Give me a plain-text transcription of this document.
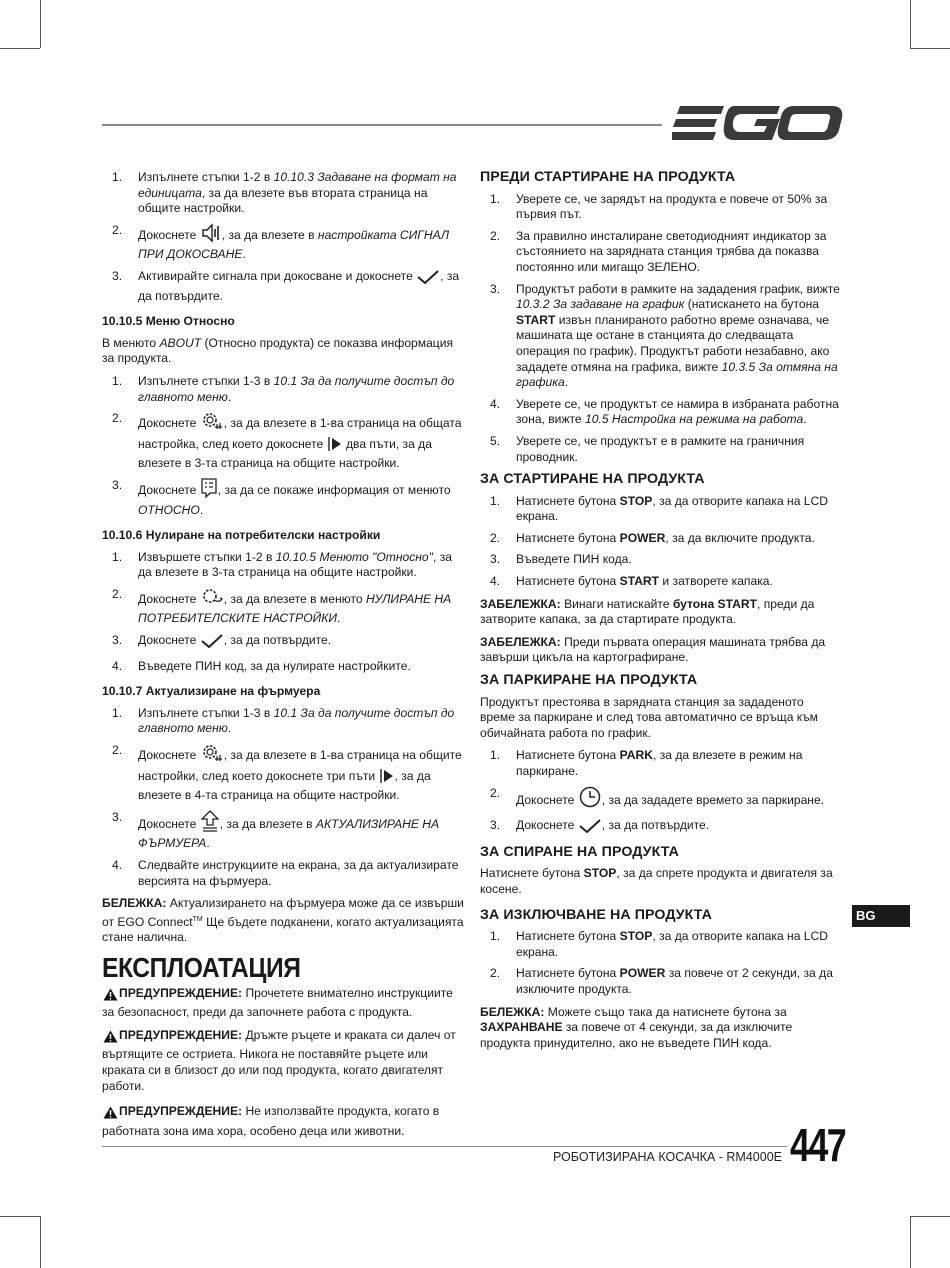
1. Изпълнете стъпки 1-2 в 10.10.3 Задаване на формат на единицата, за да влезете във втората страница на общите настройки.
2. Докоснете , за да влезете в настройката СИГНАЛ ПРИ ДОКОСВАНЕ.
3. Активирайте сигнала при докосване и докоснете , за да потвърдите.
10.10.5 Меню Относно

В менюто ABOUT (Относно продукта) се показва информация за продукта.

1. Изпълнете стъпки 1-3 в 10.1 За да получите достъп до главното меню.
2. Докоснете , за да влезете в 1-ва страница на общата настройка, след което докоснете  два пъти, за да влезете в 3-та страница на общите настройки.
3. Докоснете , за да се покаже информация от менюто ОТНОСНО.
10.10.6 Нулиране на потребителски настройки
1. Извършете стъпки 1-2 в 10.10.5 Менюто "Относно", за да влезете в 3-та страница на общите настройки.
2. Докоснете , за да влезете в менюто НУЛИРАНЕ НА ПОТРЕБИТЕЛСКИТЕ НАСТРОЙКИ.
3. Докоснете , за да потвърдите.
4. Въведете ПИН код, за да нулирате настройките.
10.10.7 Актуализиране на фърмуера
1. Изпълнете стъпки 1-3 в 10.1 За да получите достъп до главното меню.
2. Докоснете , за да влезете в 1-ва страница на общите настройки, след което докоснете три пъти , за да влезете в 4-та страница на общите настройки.
3. Докоснете , за да влезете в АКТУАЛИЗИРАНЕ НА ФЪРМУЕРА.
4. Следвайте инструкциите на екрана, за да актуализирате версията на фърмуера.

БЕЛЕЖКА: Актуализирането на фърмуера може да се извърши от EGO Connect™ Ще бъдете подканени, когато актуализацията стане налична.

ЕКСПЛОАТАЦИЯ

ПРЕДУПРЕЖДЕНИЕ: Прочетете внимателно инструкциите за безопасност, преди да започнете работа с продукта.

ПРЕДУПРЕЖДЕНИЕ: Дръжте ръцете и краката си далеч от въртящите се остриета. Никога не поставяйте ръцете или краката си в близост до или под продукта, когато двигателят работи.

ПРЕДУПРЕЖДЕНИЕ: Не използвайте продукта, когато в работната зона има хора, особено деца или животни.

ПРЕДИ СТАРТИРАНЕ НА ПРОДУКТА
1. Уверете се, че зарядът на продукта е повече от 50% за първия път.
2. За правилно инсталиране светодиодният индикатор за състоянието на зарядната станция трябва да показва постоянно или мигащо ЗЕЛЕНО.
3. Продуктът работи в рамките на зададения график, вижте 10.3.2 За задаване на график (натискането на бутона START извън планираното работно време означава, че машината ще остане в станцията до следващата операция по график). Продуктът работи незабавно, ако зададете отмяна на графика, вижте 10.3.5 За отмяна на графика.
4. Уверете се, че продуктът се намира в избраната работна зона, вижте 10.5 Настройка на режима на работа.
5. Уверете се, че продуктът е в рамките на граничния проводник.
ЗА СТАРТИРАНЕ НА ПРОДУКТА
1. Натиснете бутона STOP, за да отворите капака на LCD екрана.
2. Натиснете бутона POWER, за да включите продукта.
3. Въведете ПИН кода.
4. Натиснете бутона START и затворете капака.

ЗАБЕЛЕЖКА: Винаги натискайте бутона START, преди да затворите капака, за да стартирате продукта.

ЗАБЕЛЕЖКА: Преди първата операция машината трябва да завърши цикъла на картографиране.

ЗА ПАРКИРАНЕ НА ПРОДУКТА

Продуктът престоява в зарядната станция за зададеното време за паркиране и след това автоматично се връща към обичайната работа по график.

1. Натиснете бутона PARK, за да влезете в режим на паркиране.
2. Докоснете , за да зададете времето за паркиране.
3. Докоснете , за да потвърдите.
ЗА СПИРАНЕ НА ПРОДУКТА

Натиснете бутона STOP, за да спрете продукта и двигателя за косене.

ЗА ИЗКЛЮЧВАНЕ НА ПРОДУКТА
1. Натиснете бутона STOP, за да отворите капака на LCD екрана.
2. Натиснете бутона POWER за повече от 2 секунди, за да изключите продукта.

БЕЛЕЖКА: Можете също така да натиснете бутона за ЗАХРАНВАНЕ за повече от 4 секунди, за да изключите продукта принудително, ако не въведете ПИН кода.

BG
РОБОТИЗИРАНА КОСАЧКА - RM4000E 447
